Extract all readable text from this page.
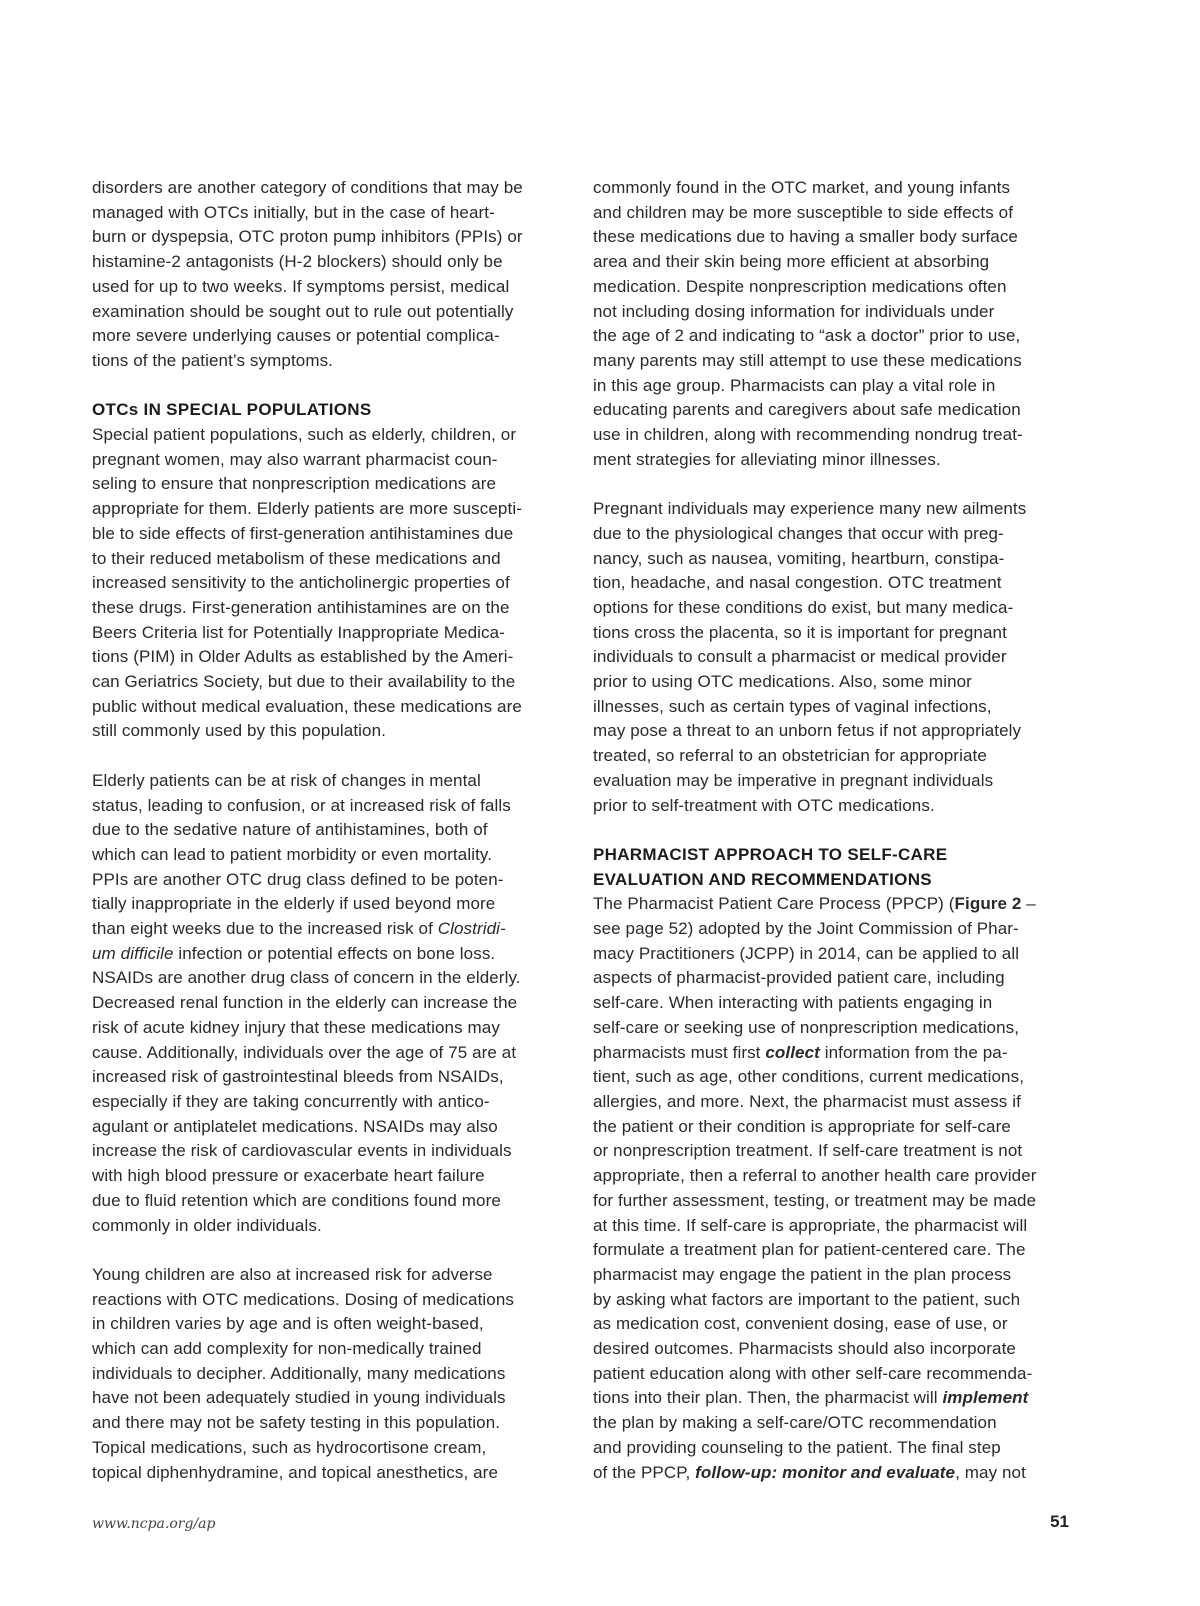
disorders are another category of conditions that may be
managed with OTCs initially, but in the case of heart-
burn or dyspepsia, OTC proton pump inhibitors (PPIs) or
histamine-2 antagonists (H-2 blockers) should only be
used for up to two weeks. If symptoms persist, medical
examination should be sought out to rule out potentially
more severe underlying causes or potential complica-
tions of the patient’s symptoms.

OTCs IN SPECIAL POPULATIONS

Special patient populations, such as elderly, children, or
pregnant women, may also warrant pharmacist coun-
seling to ensure that nonprescription medications are
appropriate for them. Elderly patients are more suscepti-
ble to side effects of first-generation antihistamines due
to their reduced metabolism of these medications and
increased sensitivity to the anticholinergic properties of
these drugs. First-generation antihistamines are on the
Beers Criteria list for Potentially Inappropriate Medica-
tions (PIM) in Older Adults as established by the Ameri-
can Geriatrics Society, but due to their availability to the
public without medical evaluation, these medications are
still commonly used by this population.

Elderly patients can be at risk of changes in mental
status, leading to confusion, or at increased risk of falls
due to the sedative nature of antihistamines, both of
which can lead to patient morbidity or even mortality.
PPIs are another OTC drug class defined to be poten-
tially inappropriate in the elderly if used beyond more
than eight weeks due to the increased risk of Clostridi-
um difficile infection or potential effects on bone loss.
NSAIDs are another drug class of concern in the elderly.
Decreased renal function in the elderly can increase the
risk of acute kidney injury that these medications may
cause. Additionally, individuals over the age of 75 are at
increased risk of gastrointestinal bleeds from NSAIDs,
especially if they are taking concurrently with antico-
agulant or antiplatelet medications. NSAIDs may also
increase the risk of cardiovascular events in individuals
with high blood pressure or exacerbate heart failure
due to fluid retention which are conditions found more
commonly in older individuals.

Young children are also at increased risk for adverse
reactions with OTC medications. Dosing of medications
in children varies by age and is often weight-based,
which can add complexity for non-medically trained
individuals to decipher. Additionally, many medications
have not been adequately studied in young individuals
and there may not be safety testing in this population.
Topical medications, such as hydrocortisone cream,
topical diphenhydramine, and topical anesthetics, are

commonly found in the OTC market, and young infants
and children may be more susceptible to side effects of
these medications due to having a smaller body surface
area and their skin being more efficient at absorbing
medication. Despite nonprescription medications often
not including dosing information for individuals under
the age of 2 and indicating to “ask a doctor” prior to use,
many parents may still attempt to use these medications
in this age group. Pharmacists can play a vital role in
educating parents and caregivers about safe medication
use in children, along with recommending nondrug treat-
ment strategies for alleviating minor illnesses.

Pregnant individuals may experience many new ailments
due to the physiological changes that occur with preg-
nancy, such as nausea, vomiting, heartburn, constipa-
tion, headache, and nasal congestion. OTC treatment
options for these conditions do exist, but many medica-
tions cross the placenta, so it is important for pregnant
individuals to consult a pharmacist or medical provider
prior to using OTC medications. Also, some minor
illnesses, such as certain types of vaginal infections,
may pose a threat to an unborn fetus if not appropriately
treated, so referral to an obstetrician for appropriate
evaluation may be imperative in pregnant individuals
prior to self-treatment with OTC medications.

PHARMACIST APPROACH TO SELF-CARE
EVALUATION AND RECOMMENDATIONS

The Pharmacist Patient Care Process (PPCP) (Figure 2 –
see page 52) adopted by the Joint Commission of Phar-
macy Practitioners (JCPP) in 2014, can be applied to all
aspects of pharmacist-provided patient care, including
self-care. When interacting with patients engaging in
self-care or seeking use of nonprescription medications,
pharmacists must first collect information from the pa-
tient, such as age, other conditions, current medications,
allergies, and more. Next, the pharmacist must assess if
the patient or their condition is appropriate for self-care
or nonprescription treatment. If self-care treatment is not
appropriate, then a referral to another health care provider
for further assessment, testing, or treatment may be made
at this time. If self-care is appropriate, the pharmacist will
formulate a treatment plan for patient-centered care. The
pharmacist may engage the patient in the plan process
by asking what factors are important to the patient, such
as medication cost, convenient dosing, ease of use, or
desired outcomes. Pharmacists should also incorporate
patient education along with other self-care recommenda-
tions into their plan. Then, the pharmacist will implement
the plan by making a self-care/OTC recommendation
and providing counseling to the patient. The final step
of the PPCP, follow-up: monitor and evaluate, may not

www.ncpa.org/ap	51
